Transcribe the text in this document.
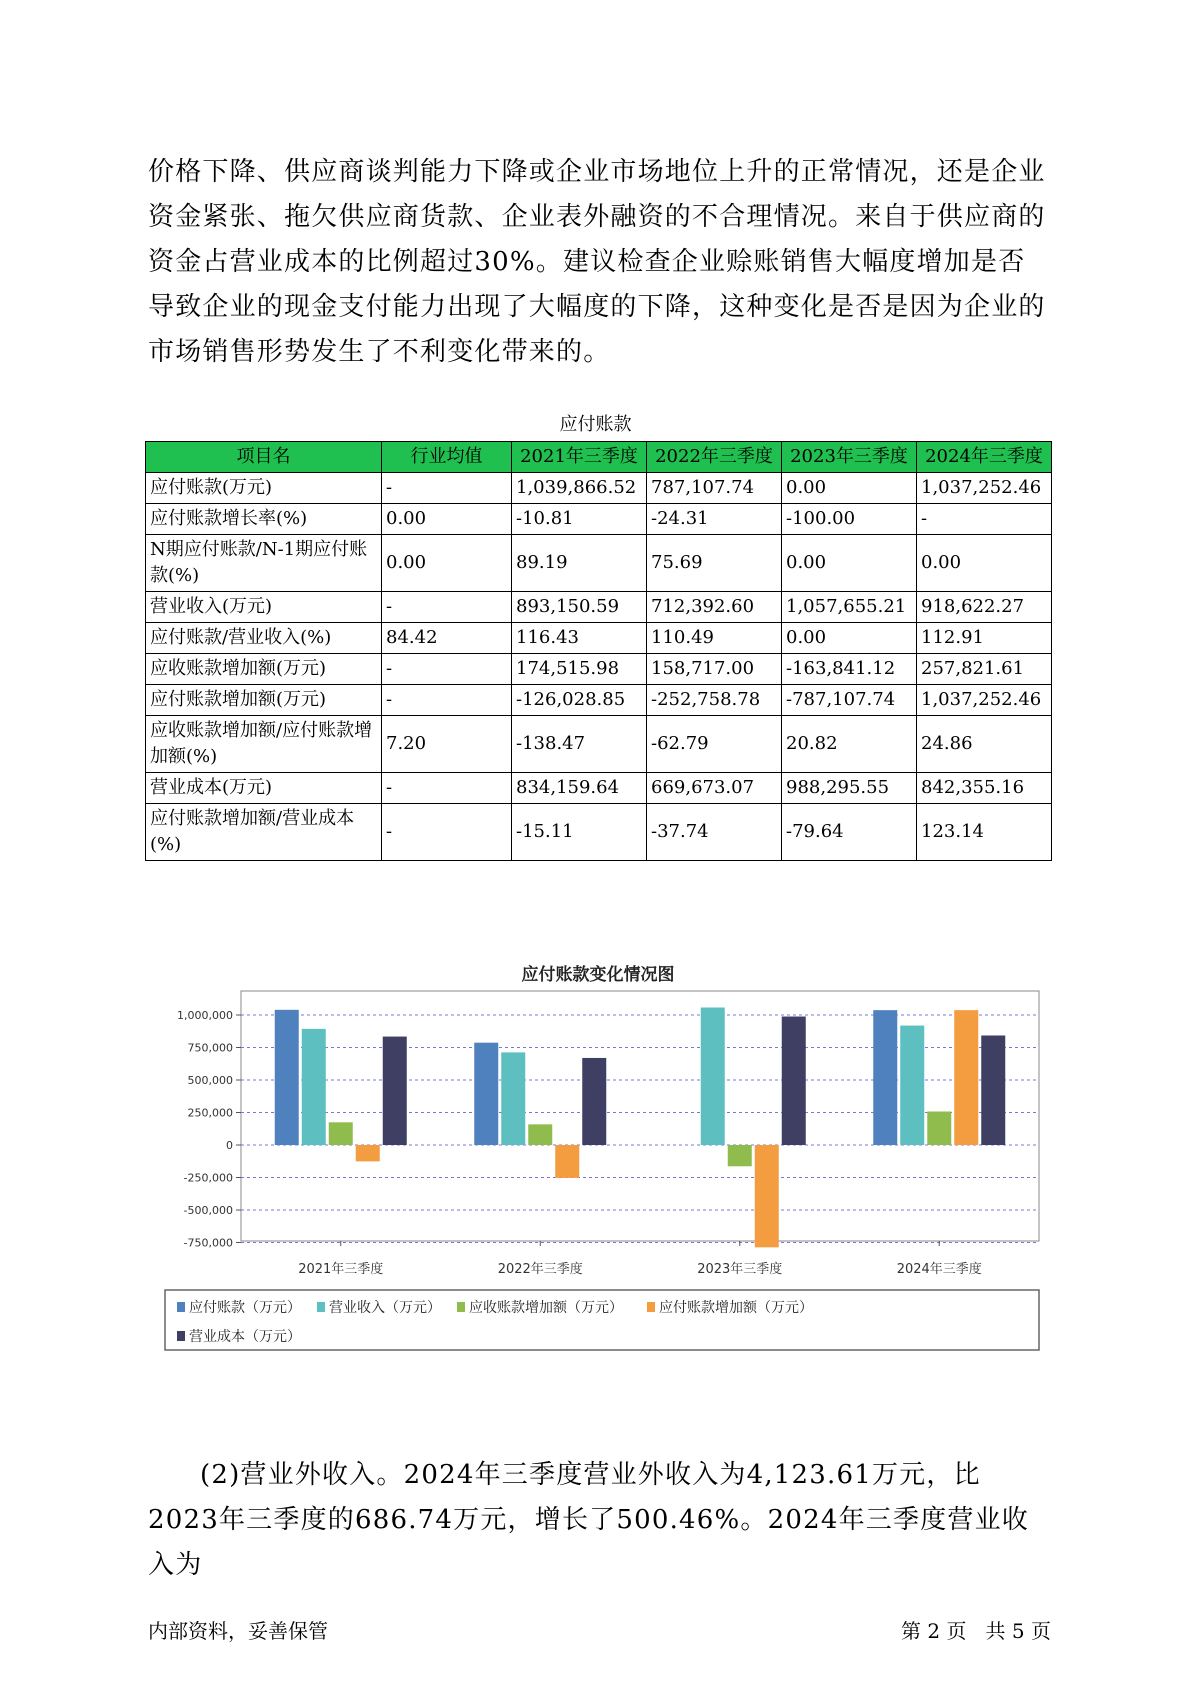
价格下降、供应商谈判能力下降或企业市场地位上升的正常情况，还是企业资金紧张、拖欠供应商货款、企业表外融资的不合理情况。来自于供应商的资金占营业成本的比例超过30%。建议检查企业赊账销售大幅度增加是否导致企业的现金支付能力出现了大幅度的下降，这种变化是否是因为企业的市场销售形势发生了不利变化带来的。

应付账款
项目名	行业均值	2021年三季度	2022年三季度	2023年三季度	2024年三季度
应付账款(万元)	-	1,039,866.52	787,107.74	0.00	1,037,252.46
应付账款增长率(%)	0.00	-10.81	-24.31	-100.00	-
N期应付账款/N-1期应付账款(%)	0.00	89.19	75.69	0.00	0.00
营业收入(万元)	-	893,150.59	712,392.60	1,057,655.21	918,622.27
应付账款/营业收入(%)	84.42	116.43	110.49	0.00	112.91
应收账款增加额(万元)	-	174,515.98	158,717.00	-163,841.12	257,821.61
应付账款增加额(万元)	-	-126,028.85	-252,758.78	-787,107.74	1,037,252.46
应收账款增加额/应付账款增加额(%)	7.20	-138.47	-62.79	20.82	24.86
营业成本(万元)	-	834,159.64	669,673.07	988,295.55	842,355.16
应付账款增加额/营业成本(%)	-	-15.11	-37.74	-79.64	123.14
应付账款变化情况图
1,000,000
750,000
500,000
250,000
0
-250,000
-500,000
-750,000
2021年三季度	2022年三季度	2023年三季度	2024年三季度
应付账款（万元） 营业收入（万元） 应收账款增加额（万元）	应付账款增加额（万元）
营业成本（万元）

(2)营业外收入。2024年三季度营业外收入为4,123.61万元，比2023年三季度的686.74万元，增长了500.46%。2024年三季度营业收入为

内部资料，妥善保管	第 2 页   共 5 页
